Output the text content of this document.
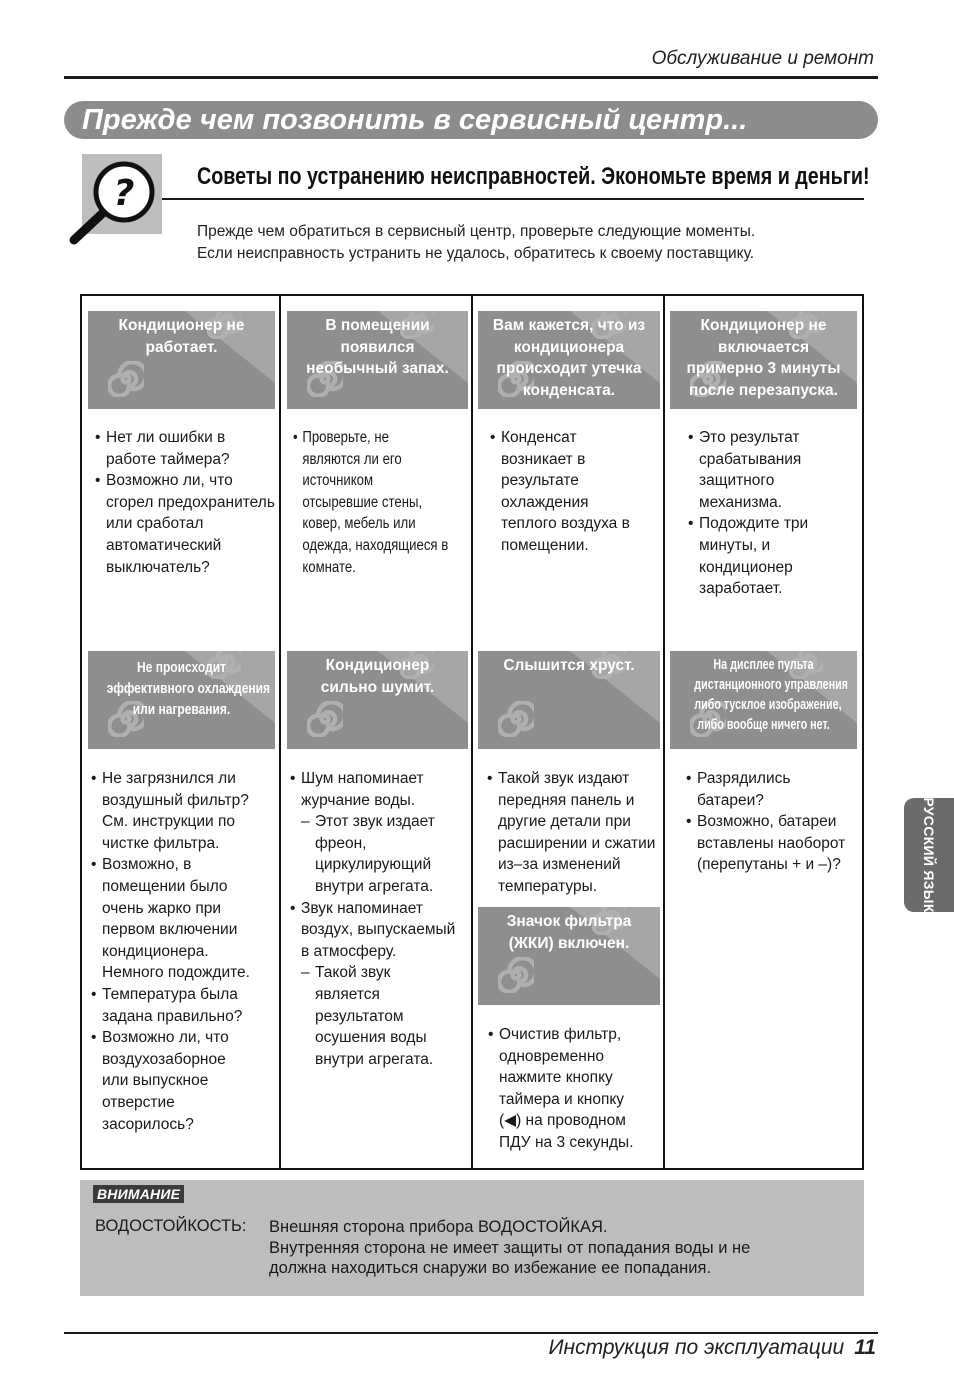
Обслуживание и ремонт
Прежде чем позвонить в сервисный центр...
?	Советы по устранению неисправностей. Экономьте время и деньги!

Прежде чем обратиться в сервисный центр, проверьте следующие моменты.

Если неисправность устранить не удалось, обратитесь к своему поставщику.

Кондиционер не
работает.
• Нет ли ошибки в
работе таймера?
• Возможно ли, что
сгорел предохранитель
или сработал
автоматический
выключатель?
В помещении
появился
необычный запах.
• Проверьте, не
являются ли его
источником
отсыревшие стены,
ковер, мебель или
одежда, находящиеся в
комнате.
Вам кажется, что из
кондиционера
происходит утечка
конденсата.
• Конденсат
возникает в
результате
охлаждения
теплого воздуха в
помещении.
Кондиционер не
включается
примерно 3 минуты
после перезапуска.
• Это результат
срабатывания
защитного
механизма.
• Подождите три
минуты, и
кондиционер
заработает.
Не происходит
эффективного охлаждения
или нагревания.
• Не загрязнился ли
воздушный фильтр?
См. инструкции по
чистке фильтра.
• Возможно, в
помещении было
очень жарко при
первом включении
кондиционера.
Немного подождите.
• Температура была
задана правильно?
• Возможно ли, что
воздухозаборное
или выпускное
отверстие
засорилось?
Кондиционер
сильно шумит.
• Шум напоминает
журчание воды.
– Этот звук издает
фреон,
циркулирующий
внутри агрегата.
• Звук напоминает
воздух, выпускаемый
в атмосферу.
– Такой звук
является
результатом
осушения воды
внутри агрегата.
Слышится хруст.
• Такой звук издают
передняя панель и
другие детали при
расширении и сжатии
из–за изменений
температуры.
На дисплее пульта
дистанционного управления
либо тусклое изображение,
либо вообще ничего нет.
• Разрядились
батареи?
• Возможно, батареи
вставлены наоборот
(перепутаны + и –)?
Значок фильтра
(ЖКИ) включен.
• Очистив фильтр,
одновременно
нажмите кнопку
таймера и кнопку
(◀) на проводном
ПДУ на 3 секунды.
ВНИМАНИЕ
ВОДОСТОЙКОСТЬ: Внешняя сторона прибора ВОДОСТОЙКАЯ.
Внутренняя сторона не имеет защиты от попадания воды и не
должна находиться снаружи во избежание ее попадания.
Инструкция по эксплуатации 11
РУССКИЙ ЯЗЫК
